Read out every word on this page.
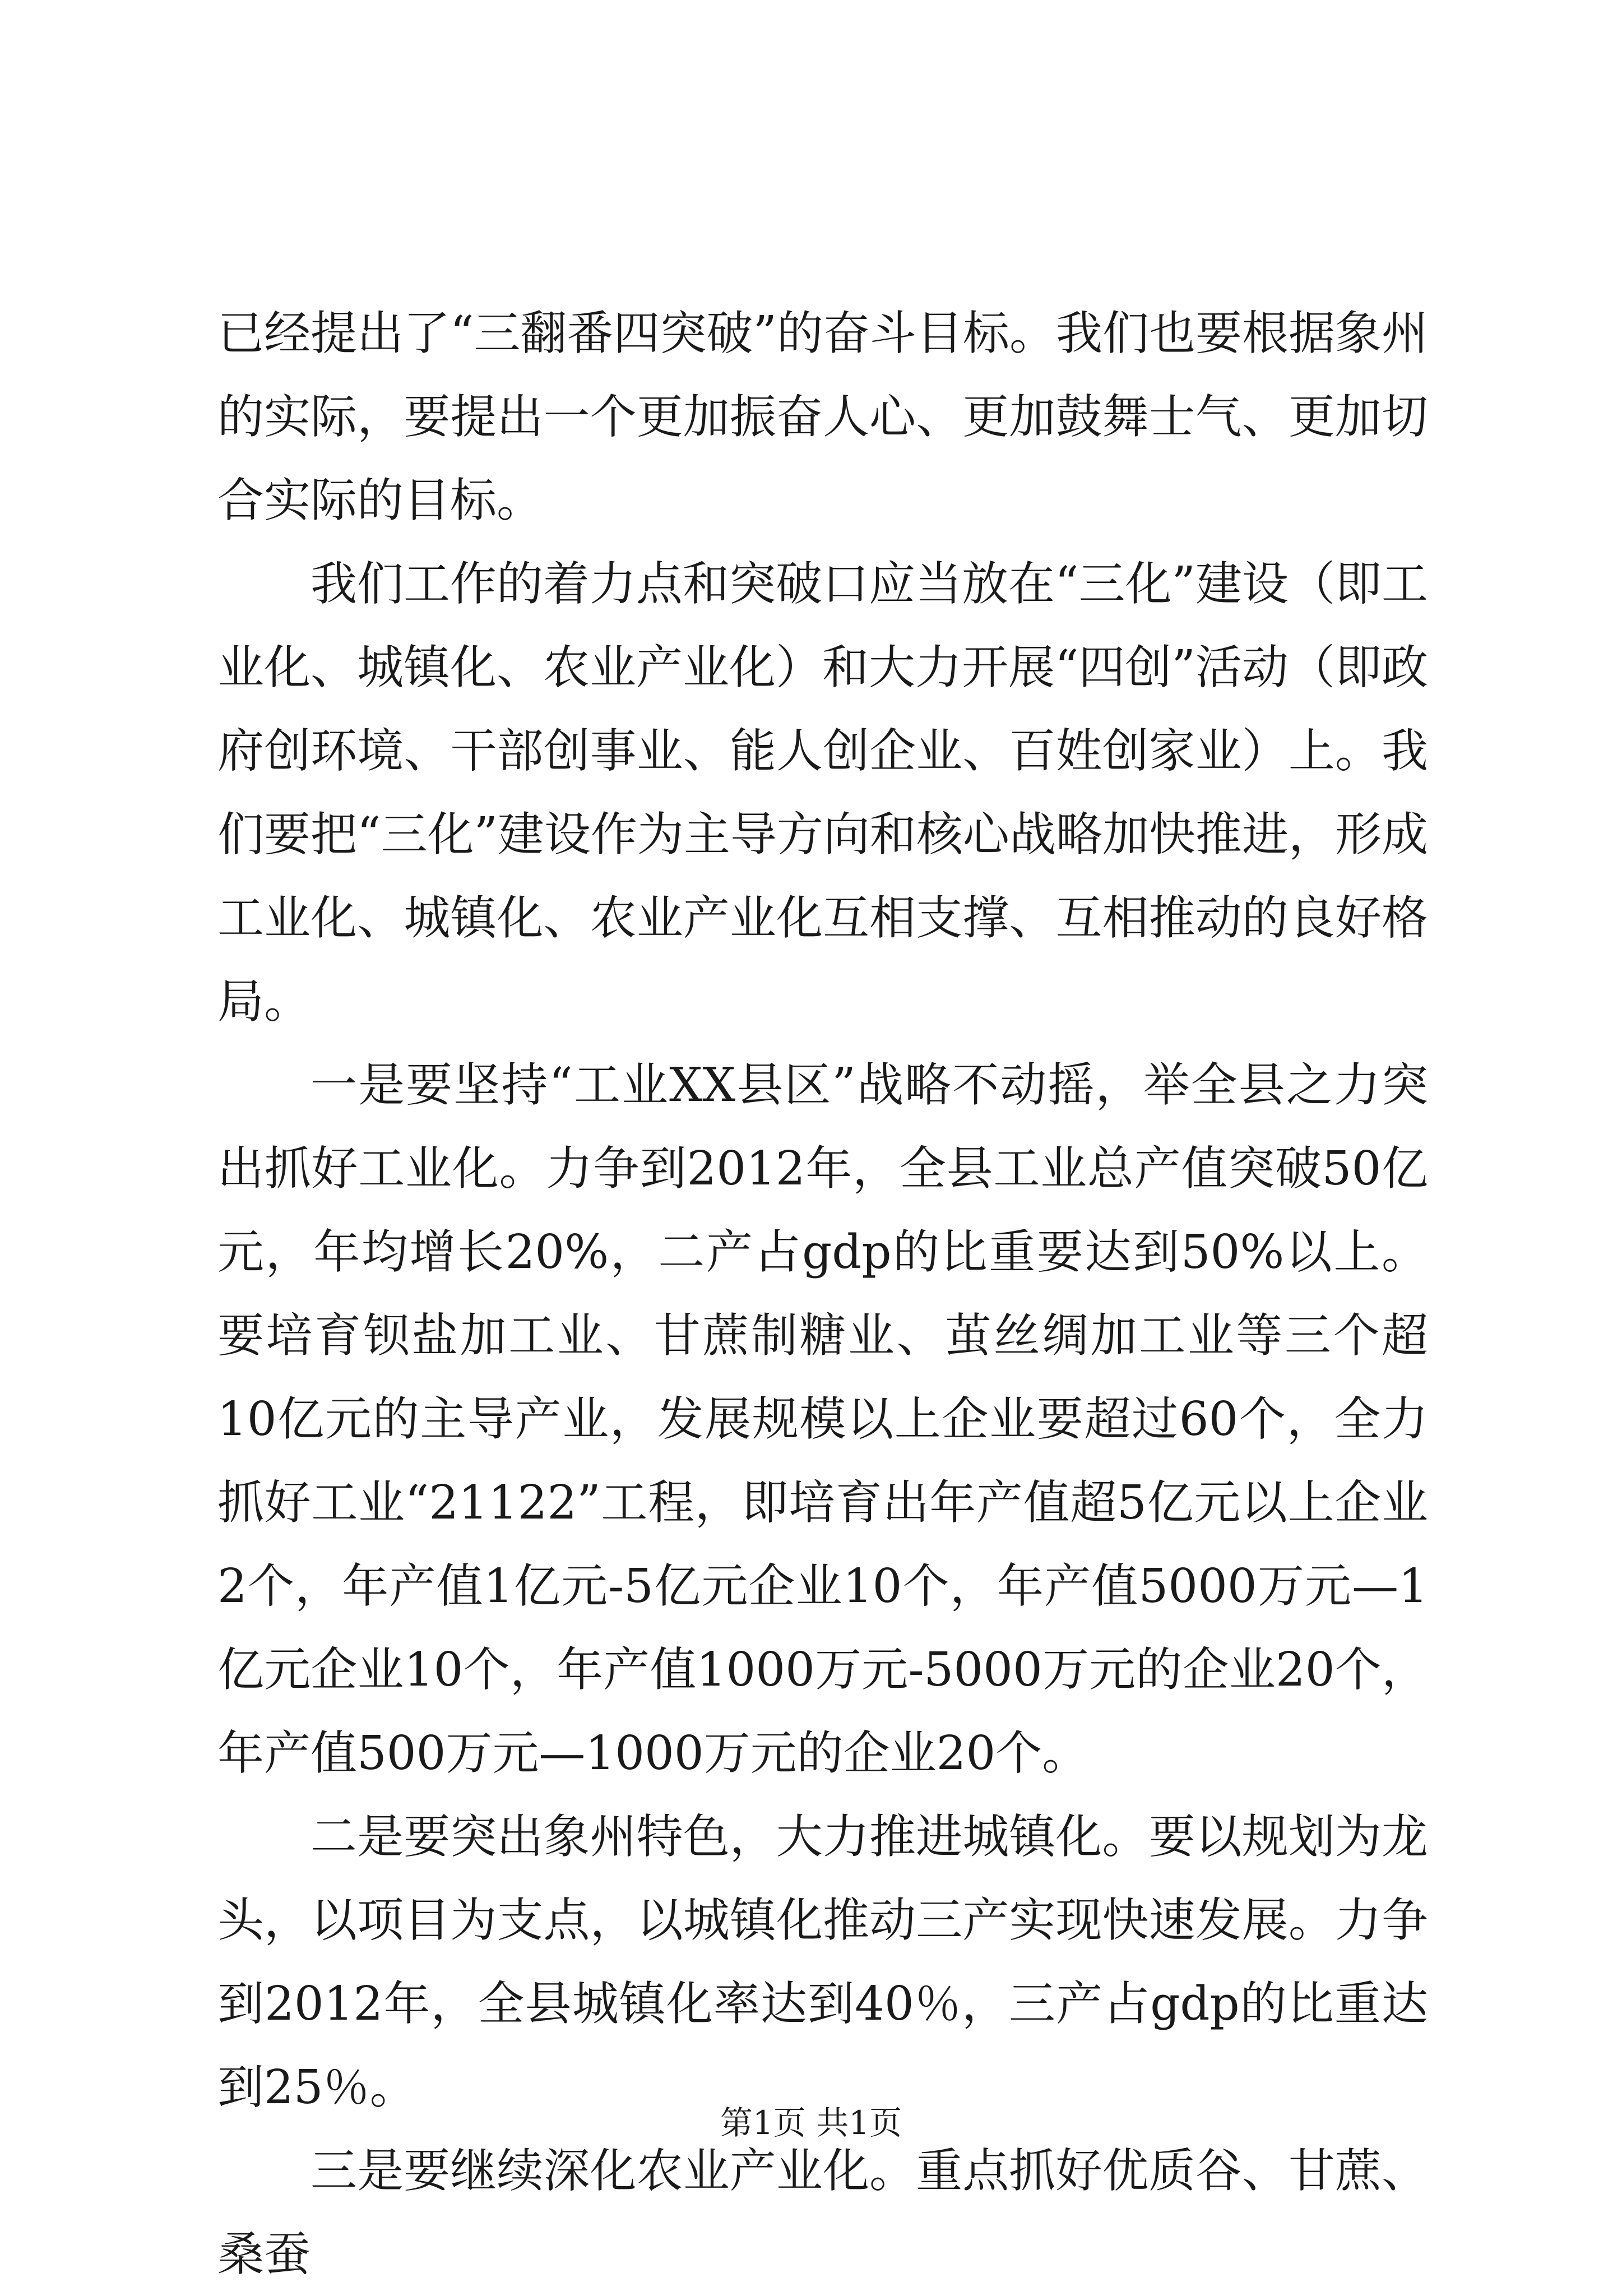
已经提出了“三翻番四突破”的奋斗目标。我们也要根据象州的实际，要提出一个更加振奋人心、更加鼓舞士气、更加切合实际的目标。

我们工作的着力点和突破口应当放在“三化”建设（即工业化、城镇化、农业产业化）和大力开展“四创”活动（即政府创环境、干部创事业、能人创企业、百姓创家业）上。我们要把“三化”建设作为主导方向和核心战略加快推进，形成工业化、城镇化、农业产业化互相支撑、互相推动的良好格局。

一是要坚持“工业XX县区”战略不动摇，举全县之力突出抓好工业化。力争到2012年，全县工业总产值突破50亿元，年均增长20%，二产占gdp的比重要达到50%以上。要培育钡盐加工业、甘蔗制糖业、茧丝绸加工业等三个超10亿元的主导产业，发展规模以上企业要超过60个，全力抓好工业“21122”工程，即培育出年产值超5亿元以上企业2个，年产值1亿元-5亿元企业10个，年产值5000万元—1亿元企业10个，年产值1000万元-5000万元的企业20个，年产值500万元—1000万元的企业20个。

二是要突出象州特色，大力推进城镇化。要以规划为龙头，以项目为支点，以城镇化推动三产实现快速发展。力争到2012年，全县城镇化率达到40％，三产占gdp的比重达到25％。

三是要继续深化农业产业化。重点抓好优质谷、甘蔗、桑蚕

第1页 共1页
